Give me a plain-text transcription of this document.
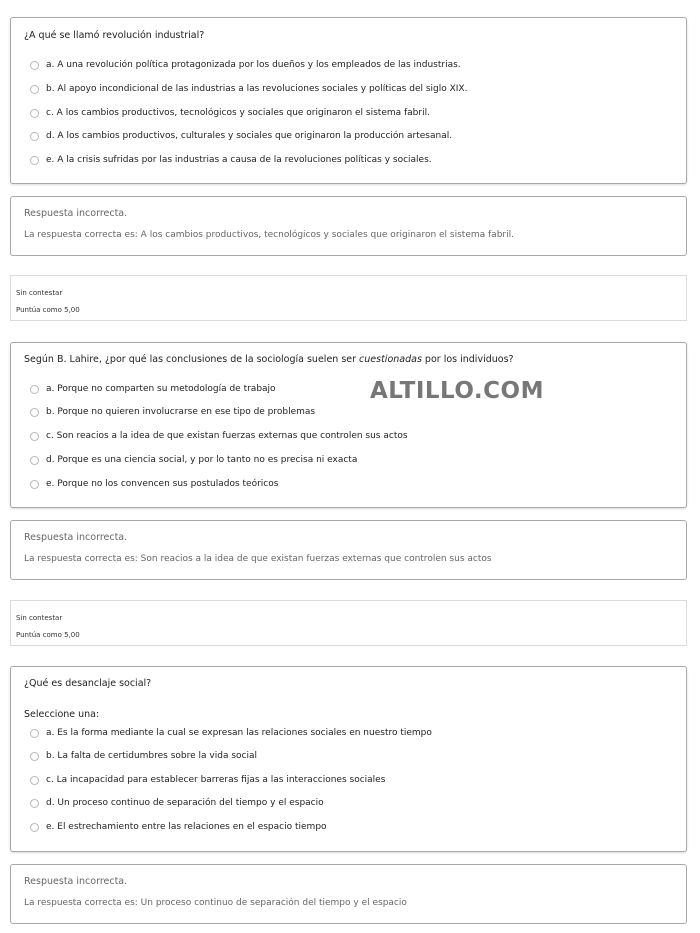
¿A qué se llamó revolución industrial?
a. A una revolución política protagonizada por los dueños y los empleados de las industrias.
b. Al apoyo incondicional de las industrias a las revoluciones sociales y políticas del siglo XIX.
c. A los cambios productivos, tecnológicos y sociales que originaron el sistema fabril.
d. A los cambios productivos, culturales y sociales que originaron la producción artesanal.
e. A la crisis sufridas por las industrias a causa de la revoluciones políticas y sociales.
Respuesta incorrecta.
La respuesta correcta es: A los cambios productivos, tecnológicos y sociales que originaron el sistema fabril.
Sin contestar
Puntúa como 5,00
Según B. Lahire, ¿por qué las conclusiones de la sociología suelen ser cuestionadas por los individuos?
a. Porque no comparten su metodología de trabajo
b. Porque no quieren involucrarse en ese tipo de problemas
c. Son reacios a la idea de que existan fuerzas externas que controlen sus actos
d. Porque es una ciencia social, y por lo tanto no es precisa ni exacta
e. Porque no los convencen sus postulados teóricos
ALTILLO.COM
Respuesta incorrecta.
La respuesta correcta es: Son reacios a la idea de que existan fuerzas externas que controlen sus actos
Sin contestar
Puntúa como 5,00
¿Qué es desanclaje social?
Seleccione una:
a. Es la forma mediante la cual se expresan las relaciones sociales en nuestro tiempo
b. La falta de certidumbres sobre la vida social
c. La incapacidad para establecer barreras fijas a las interacciones sociales
d. Un proceso continuo de separación del tiempo y el espacio
e. El estrechamiento entre las relaciones en el espacio tiempo
Respuesta incorrecta.
La respuesta correcta es: Un proceso continuo de separación del tiempo y el espacio
